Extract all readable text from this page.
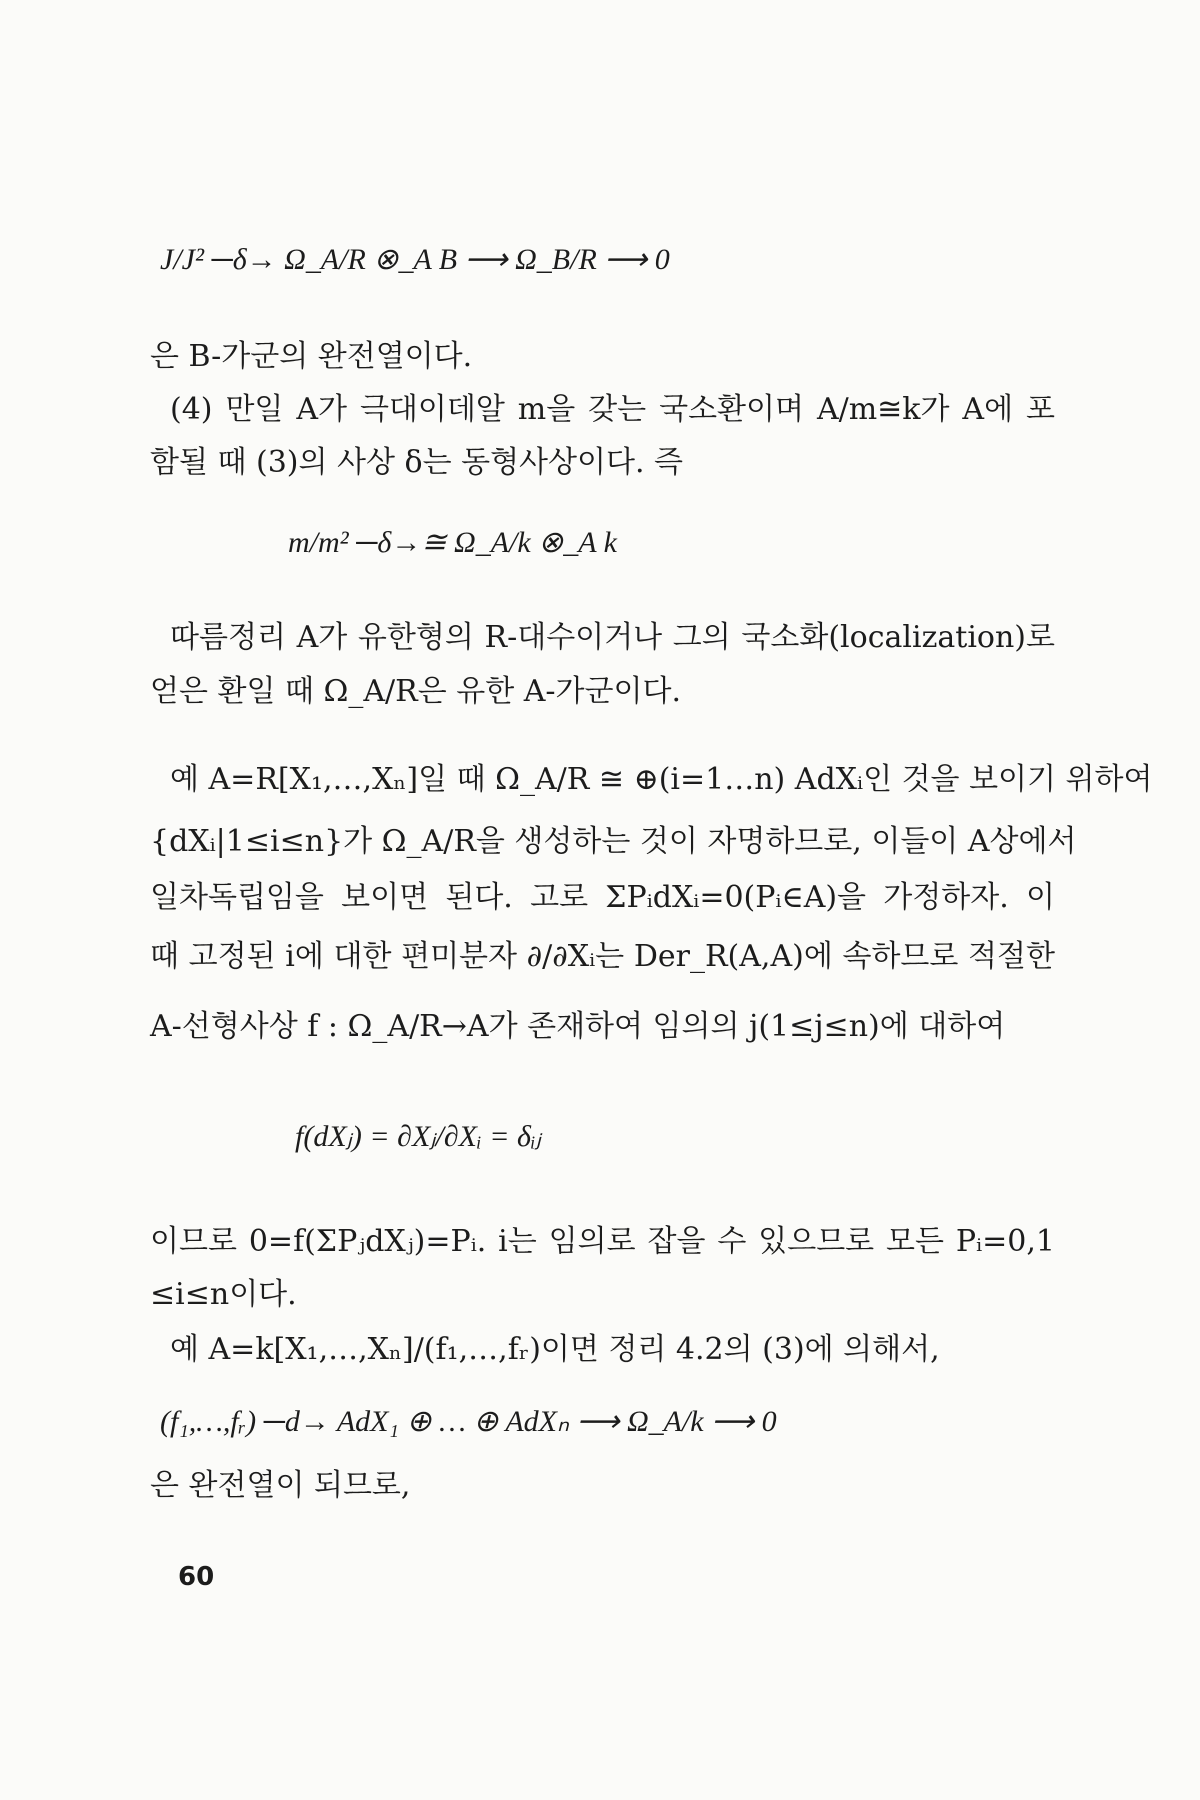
J/J² ─δ→ Ω_A/R ⊗_A B ⟶ Ω_B/R ⟶ 0
은 B-가군의 완전열이다.
(4) 만일 A가 극대이데알 m을 갖는 국소환이며 A/m≅k가 A에 포
함될 때 (3)의 사상 δ는 동형사상이다. 즉
m/m² ─δ→≅ Ω_A/k ⊗_A k
따름정리 A가 유한형의 R-대수이거나 그의 국소화(localization)로
얻은 환일 때 Ω_A/R은 유한 A-가군이다.
예 A=R[X₁,…,Xₙ]일 때 Ω_A/R ≅ ⊕(i=1…n) AdXᵢ인 것을 보이기 위하여
{dXᵢ|1≤i≤n}가 Ω_A/R을 생성하는 것이 자명하므로, 이들이 A상에서
일차독립임을 보이면 된다. 고로 ΣPᵢdXᵢ=0(Pᵢ∈A)을 가정하자. 이
때 고정된 i에 대한 편미분자 ∂/∂Xᵢ는 Der_R(A,A)에 속하므로 적절한
A-선형사상 f : Ω_A/R→A가 존재하여 임의의 j(1≤j≤n)에 대하여
f(dXⱼ) = ∂Xⱼ/∂Xᵢ = δᵢⱼ
이므로 0=f(ΣPⱼdXⱼ)=Pᵢ. i는 임의로 잡을 수 있으므로 모든 Pᵢ=0,1
≤i≤n이다.
예 A=k[X₁,…,Xₙ]/(f₁,…,fᵣ)이면 정리 4.2의 (3)에 의해서,
(f₁,…,fᵣ) ─d→ AdX₁ ⊕ … ⊕ AdXₙ ⟶ Ω_A/k ⟶ 0
은 완전열이 되므로,
60
